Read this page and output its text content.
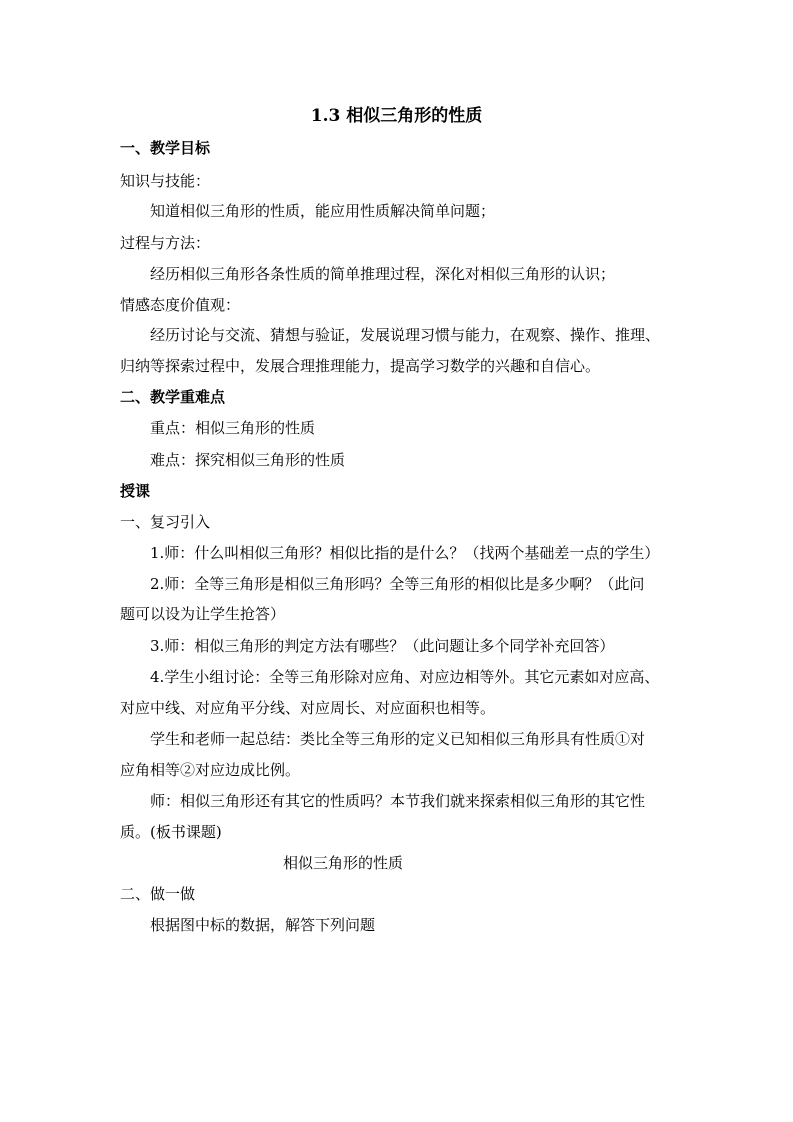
1.3 相似三角形的性质
一、教学目标
知识与技能：
知道相似三角形的性质，能应用性质解决简单问题；
过程与方法：
经历相似三角形各条性质的简单推理过程，深化对相似三角形的认识；
情感态度价值观：
经历讨论与交流、猜想与验证，发展说理习惯与能力，在观察、操作、推理、
归纳等探索过程中，发展合理推理能力，提高学习数学的兴趣和自信心。
二、教学重难点
重点：相似三角形的性质
难点：探究相似三角形的性质
授课
一、复习引入
1.师：什么叫相似三角形？相似比指的是什么？（找两个基础差一点的学生）
2.师：全等三角形是相似三角形吗？全等三角形的相似比是多少啊？（此问
题可以设为让学生抢答）
3.师：相似三角形的判定方法有哪些？（此问题让多个同学补充回答）
4.学生小组讨论：全等三角形除对应角、对应边相等外。其它元素如对应高、
对应中线、对应角平分线、对应周长、对应面积也相等。
学生和老师一起总结：类比全等三角形的定义已知相似三角形具有性质①对
应角相等②对应边成比例。
师：相似三角形还有其它的性质吗？本节我们就来探索相似三角形的其它性
质。(板书课题)
相似三角形的性质
二、做一做
根据图中标的数据，解答下列问题
